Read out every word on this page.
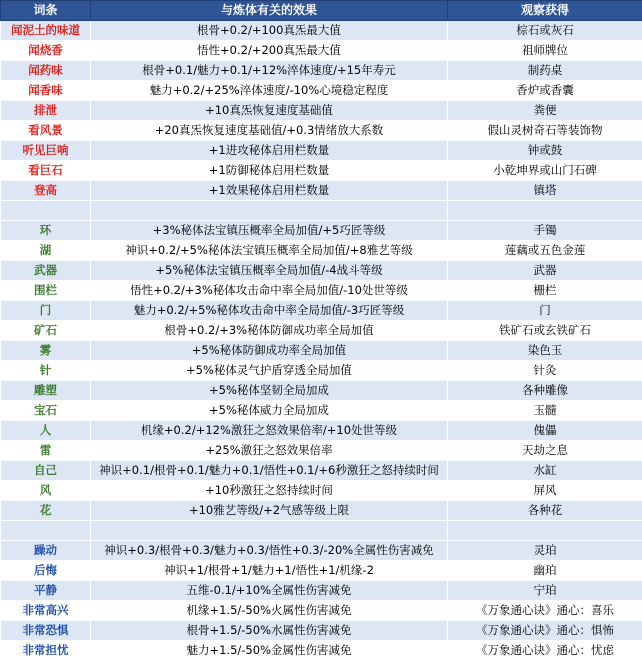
词条	与炼体有关的效果	观察获得
闻泥土的味道	根骨+0.2/+100真炁最大值	棕石或灰石
闻烧香	悟性+0.2/+200真炁最大值	祖师牌位
闻药味	根骨+0.1/魅力+0.1/+12%淬体速度/+15年寿元	制药桌
闻香味	魅力+0.2/+25%淬体速度/-10%心境稳定程度	香炉或香囊
排泄	+10真炁恢复速度基础值	粪便
看风景	+20真炁恢复速度基础值/+0.3情绪放大系数	假山灵树奇石等装饰物
听见巨响	+1进攻秘体启用栏数量	钟或鼓
看巨石	+1防御秘体启用栏数量	小乾坤界或山门石碑
登高	+1效果秘体启用栏数量	镇塔

环	+3%秘体法宝镇压概率全局加值/+5巧匠等级	手镯
湖	神识+0.2/+5%秘体法宝镇压概率全局加值/+8雅艺等级	莲藕或五色金莲
武器	+5%秘体法宝镇压概率全局加值/-4战斗等级	武器
围栏	悟性+0.2/+3%秘体攻击命中率全局加值/-10处世等级	栅栏
门	魅力+0.2/+5%秘体攻击命中率全局加值/-3巧匠等级	门
矿石	根骨+0.2/+3%秘体防御成功率全局加值	铁矿石或玄铁矿石
雾	+5%秘体防御成功率全局加值	染色玉
针	+5%秘体灵气护盾穿透全局加值	针灸
雕塑	+5%秘体坚韧全局加成	各种雕像
宝石	+5%秘体威力全局加成	玉髓
人	机缘+0.2/+12%激狂之怒效果倍率/+10处世等级	傀儡
雷	+25%激狂之怒效果倍率	天劫之息
自己	神识+0.1/根骨+0.1/魅力+0.1/悟性+0.1/+6秒激狂之怒持续时间	水缸
风	+10秒激狂之怒持续时间	屏风
花	+10雅艺等级/+2气感等级上限	各种花

躁动	神识+0.3/根骨+0.3/魅力+0.3/悟性+0.3/-20%全属性伤害减免	灵珀
后悔	神识+1/根骨+1/魅力+1/悟性+1/机缘-2	幽珀
平静	五维-0.1/+10%全属性伤害减免	宁珀
非常高兴	机缘+1.5/-50%火属性伤害减免	《万象通心诀》通心：喜乐
非常恐惧	根骨+1.5/-50%水属性伤害减免	《万象通心诀》通心：惧怖
非常担忧	魅力+1.5/-50%金属性伤害减免	《万象通心诀》通心：忧虑
